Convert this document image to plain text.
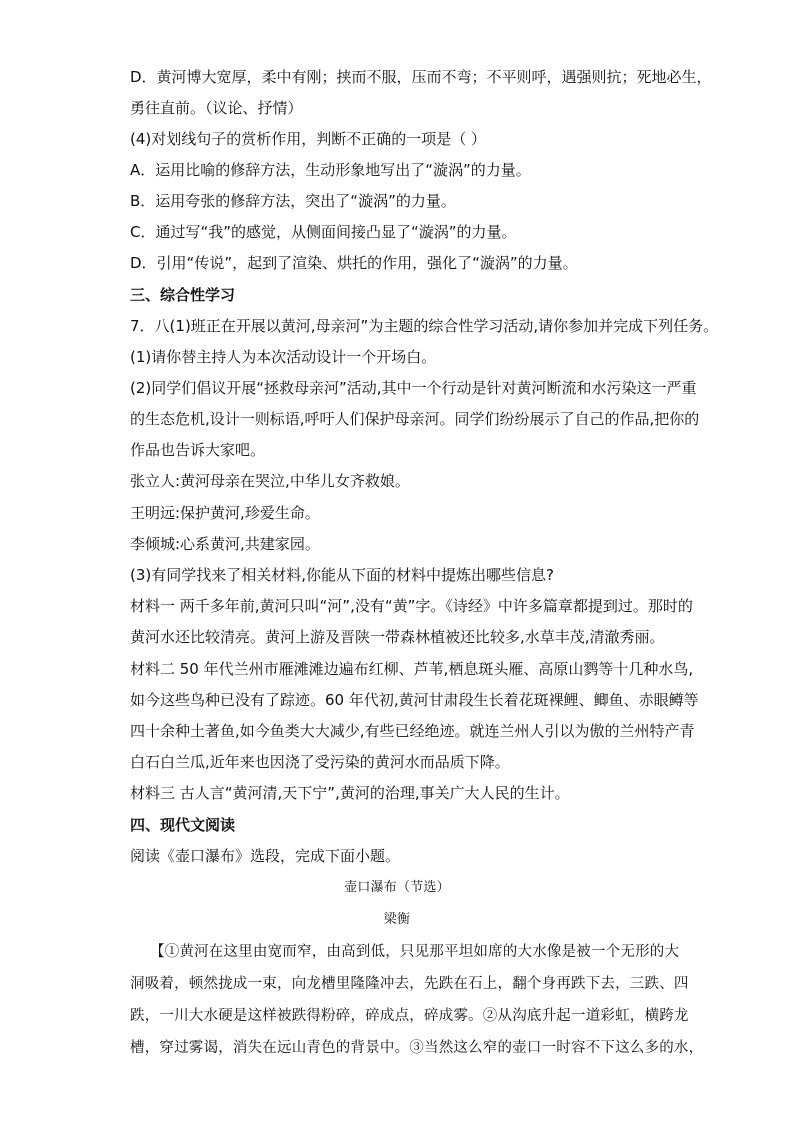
D．黄河博大宽厚，柔中有刚；挟而不服，压而不弯；不平则呼，遇强则抗；死地必生，
勇往直前。（议论、抒情）
(4)对划线句子的赏析作用，判断不正确的一项是（ ）
A．运用比喻的修辞方法，生动形象地写出了“漩涡”的力量。
B．运用夸张的修辞方法，突出了“漩涡”的力量。
C．通过写“我”的感觉，从侧面间接凸显了“漩涡”的力量。
D．引用“传说”，起到了渲染、烘托的作用，强化了“漩涡”的力量。
三、综合性学习
7．八(1)班正在开展以黄河,母亲河”为主题的综合性学习活动,请你参加并完成下列任务。
(1)请你替主持人为本次活动设计一个开场白。
(2)同学们倡议开展“拯救母亲河”活动,其中一个行动是针对黄河断流和水污染这一严重
的生态危机,设计一则标语,呼吁人们保护母亲河。同学们纷纷展示了自己的作品,把你的
作品也告诉大家吧。
张立人:黄河母亲在哭泣,中华儿女齐救娘。
王明远:保护黄河,珍爱生命。
李倾城:心系黄河,共建家园。
(3)有同学找来了相关材料,你能从下面的材料中提炼出哪些信息?
材料一 两千多年前,黄河只叫“河”,没有“黄”字。《诗经》中许多篇章都提到过。那时的
黄河水还比较清亮。黄河上游及晋陕一带森林植被还比较多,水草丰茂,清澈秀丽。
材料二 50 年代兰州市雁滩滩边遍布红柳、芦苇,栖息斑头雁、高原山鹨等十几种水鸟,
如今这些鸟种已没有了踪迹。60 年代初,黄河甘肃段生长着花斑裸鲤、鲫鱼、赤眼鳟等
四十余种土著鱼,如今鱼类大大减少,有些已经绝迹。就连兰州人引以为傲的兰州特产青
白石白兰瓜,近年来也因浇了受污染的黄河水而品质下降。
材料三 古人言“黄河清,天下宁”,黄河的治理,事关广大人民的生计。
四、现代文阅读
阅读《壶口瀑布》选段，完成下面小题。
壶口瀑布（节选）
梁衡
【①黄河在这里由宽而窄，由高到低，只见那平坦如席的大水像是被一个无形的大
洞吸着，顿然拢成一束，向龙槽里隆隆冲去，先跌在石上，翻个身再跌下去，三跌、四
跌，一川大水硬是这样被跌得粉碎，碎成点，碎成雾。②从沟底升起一道彩虹，横跨龙
槽，穿过雾谒，消失在远山青色的背景中。③当然这么窄的壶口一时容不下这么多的水，
